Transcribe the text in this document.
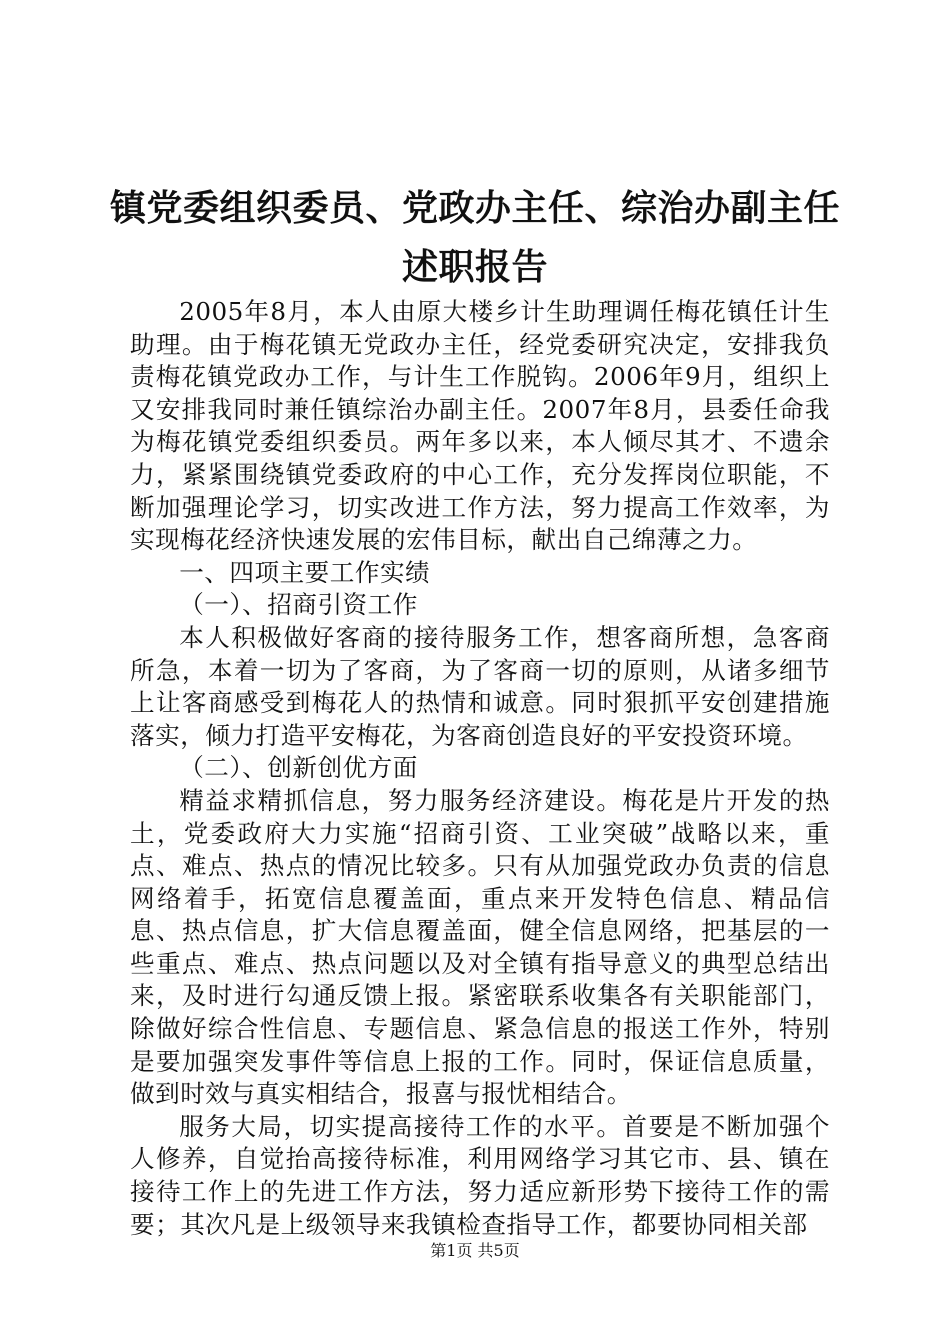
镇党委组织委员、党政办主任、综治办副主任
述职报告

2005年8月，本人由原大楼乡计生助理调任梅花镇任计生助理。由于梅花镇无党政办主任，经党委研究决定，安排我负责梅花镇党政办工作，与计生工作脱钩。2006年9月，组织上又安排我同时兼任镇综治办副主任。2007年8月，县委任命我为梅花镇党委组织委员。两年多以来，本人倾尽其才、不遗余力，紧紧围绕镇党委政府的中心工作，充分发挥岗位职能，不断加强理论学习，切实改进工作方法，努力提高工作效率，为实现梅花经济快速发展的宏伟目标，献出自己绵薄之力。

一、四项主要工作实绩

（一）、招商引资工作

本人积极做好客商的接待服务工作，想客商所想，急客商所急，本着一切为了客商，为了客商一切的原则，从诸多细节上让客商感受到梅花人的热情和诚意。同时狠抓平安创建措施落实，倾力打造平安梅花，为客商创造良好的平安投资环境。

（二）、创新创优方面

精益求精抓信息，努力服务经济建设。梅花是片开发的热土，党委政府大力实施“招商引资、工业突破”战略以来，重点、难点、热点的情况比较多。只有从加强党政办负责的信息网络着手，拓宽信息覆盖面，重点来开发特色信息、精品信息、热点信息，扩大信息覆盖面，健全信息网络，把基层的一些重点、难点、热点问题以及对全镇有指导意义的典型总结出来，及时进行勾通反馈上报。紧密联系收集各有关职能部门，除做好综合性信息、专题信息、紧急信息的报送工作外，特别是要加强突发事件等信息上报的工作。同时，保证信息质量，做到时效与真实相结合，报喜与报忧相结合。

服务大局，切实提高接待工作的水平。首要是不断加强个人修养，自觉抬高接待标准，利用网络学习其它市、县、镇在接待工作上的先进工作方法，努力适应新形势下接待工作的需要；其次凡是上级领导来我镇检查指导工作，都要协同相关部

第1页 共5页
